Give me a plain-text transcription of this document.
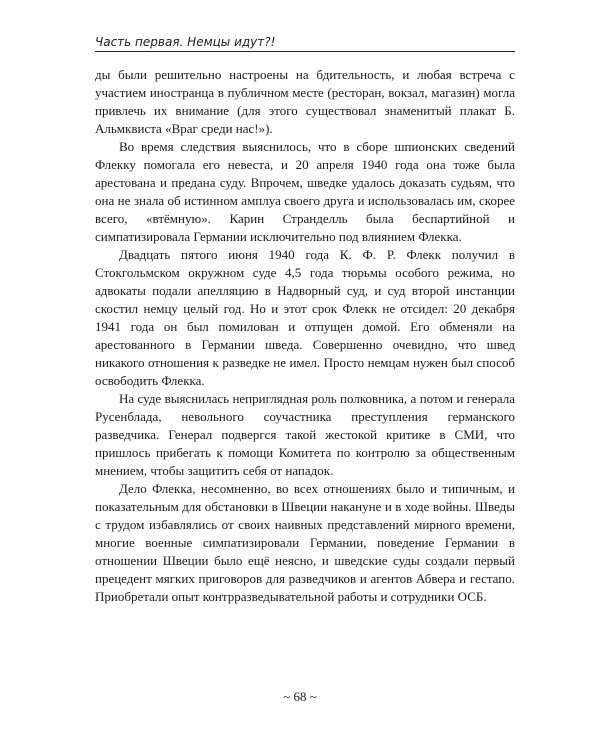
Часть первая. Немцы идут?!

ды были решительно настроены на бдительность, и любая встреча с участием иностранца в публичном месте (ресторан, вокзал, магазин) могла привлечь их внимание (для этого существовал знаменитый плакат Б. Альмквиста «Враг среди нас!»).

Во время следствия выяснилось, что в сборе шпионских сведений Флекку помогала его невеста, и 20 апреля 1940 года она тоже была арестована и предана суду. Впрочем, шведке удалось доказать судьям, что она не знала об истинном амплуа своего друга и использовалась им, скорее всего, «втёмную». Карин Странделль была беспартийной и симпатизировала Германии исключительно под влиянием Флекка.

Двадцать пятого июня 1940 года К. Ф. Р. Флекк получил в Стокгольмском окружном суде 4,5 года тюрьмы особого режима, но адвокаты подали апелляцию в Надворный суд, и суд второй инстанции скостил немцу целый год. Но и этот срок Флекк не отсидел: 20 декабря 1941 года он был помилован и отпущен домой. Его обменяли на арестованного в Германии шведа. Совершенно очевидно, что швед никакого отношения к разведке не имел. Просто немцам нужен был способ освободить Флекка.

На суде выяснилась неприглядная роль полковника, а потом и генерала Русенблада, невольного соучастника преступления германского разведчика. Генерал подвергся такой жестокой критике в СМИ, что пришлось прибегать к помощи Комитета по контролю за общественным мнением, чтобы защитить себя от нападок.

Дело Флекка, несомненно, во всех отношениях было и типичным, и показательным для обстановки в Швеции накануне и в ходе войны. Шведы с трудом избавлялись от своих наивных представлений мирного времени, многие военные симпатизировали Германии, поведение Германии в отношении Швеции было ещё неясно, и шведские суды создали первый прецедент мягких приговоров для разведчиков и агентов Абвера и гестапо. Приобретали опыт контрразведывательной работы и сотрудники ОСБ.

~ 68 ~
